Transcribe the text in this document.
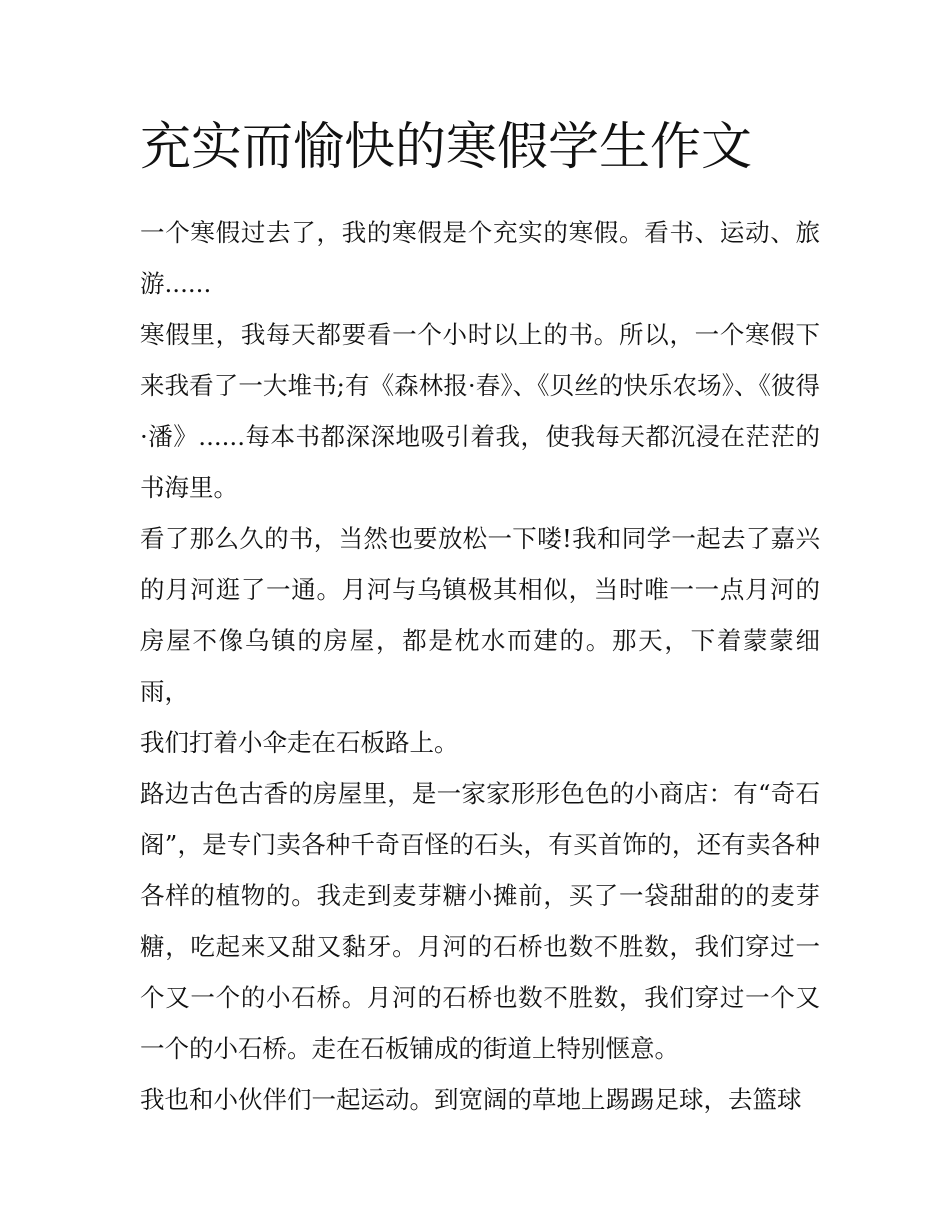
充实而愉快的寒假学生作文

一个寒假过去了，我的寒假是个充实的寒假。看书、运动、旅游......

寒假里，我每天都要看一个小时以上的书。所以，一个寒假下来我看了一大堆书;有《森林报·春》、《贝丝的快乐农场》、《彼得·潘》......每本书都深深地吸引着我，使我每天都沉浸在茫茫的书海里。

看了那么久的书，当然也要放松一下喽!我和同学一起去了嘉兴的月河逛了一通。月河与乌镇极其相似，当时唯一一点月河的房屋不像乌镇的房屋，都是枕水而建的。那天，下着蒙蒙细雨，

我们打着小伞走在石板路上。

路边古色古香的房屋里，是一家家形形色色的小商店：有“奇石阁”，是专门卖各种千奇百怪的石头，有买首饰的，还有卖各种各样的植物的。我走到麦芽糖小摊前，买了一袋甜甜的的麦芽糖，吃起来又甜又黏牙。月河的石桥也数不胜数，我们穿过一个又一个的小石桥。月河的石桥也数不胜数，我们穿过一个又一个的小石桥。走在石板铺成的街道上特别惬意。

我也和小伙伴们一起运动。到宽阔的草地上踢踢足球，去篮球
